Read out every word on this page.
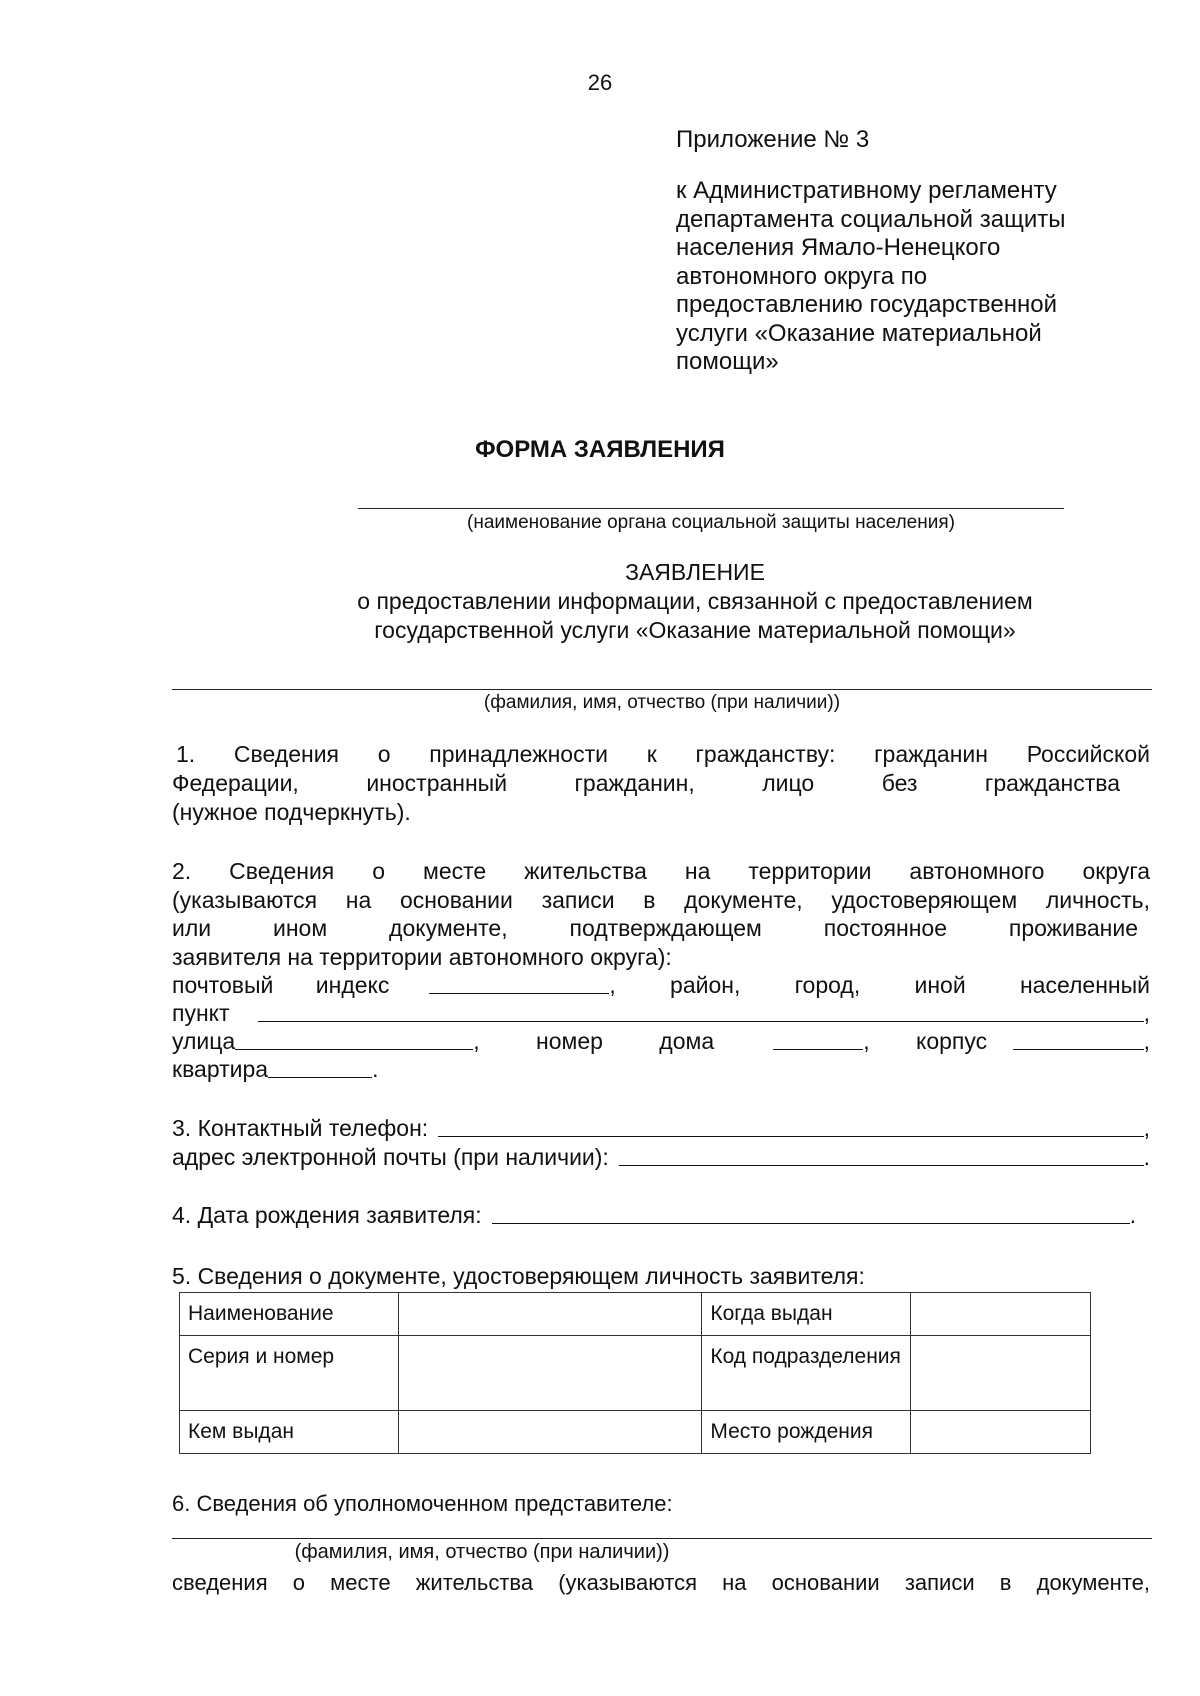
26
Приложение № 3
к Административному регламенту
департамента социальной защиты
населения Ямало-Ненецкого
автономного округа по
предоставлению государственной
услуги «Оказание материальной
помощи»
ФОРМА ЗАЯВЛЕНИЯ
(наименование органа социальной защиты населения)
ЗАЯВЛЕНИЕ
о предоставлении информации, связанной с предоставлением
государственной услуги «Оказание материальной помощи»
(фамилия, имя, отчество (при наличии))
1. Сведения о принадлежности к гражданству: гражданин Российской
Федерации, иностранный гражданин, лицо без гражданства
(нужное подчеркнуть).
2. Сведения о месте жительства на территории автономного округа
(указываются на основании записи в документе, удостоверяющем личность,
или ином документе, подтверждающем постоянное проживание
заявителя на территории автономного округа):
почтовый индекс	, район, город, иной населенный
пункт	,
улица	, номер дома	, корпус	,
квартира	.
3. Контактный телефон:	,
адрес электронной почты (при наличии):	.
4. Дата рождения заявителя:	.
5. Сведения о документе, удостоверяющем личность заявителя:
Наименование		Когда выдан	
Серия и номер		Код подразделения	
Кем выдан		Место рождения	
6. Сведения об уполномоченном представителе:
(фамилия, имя, отчество (при наличии))
сведения о месте жительства (указываются на основании записи в документе,
